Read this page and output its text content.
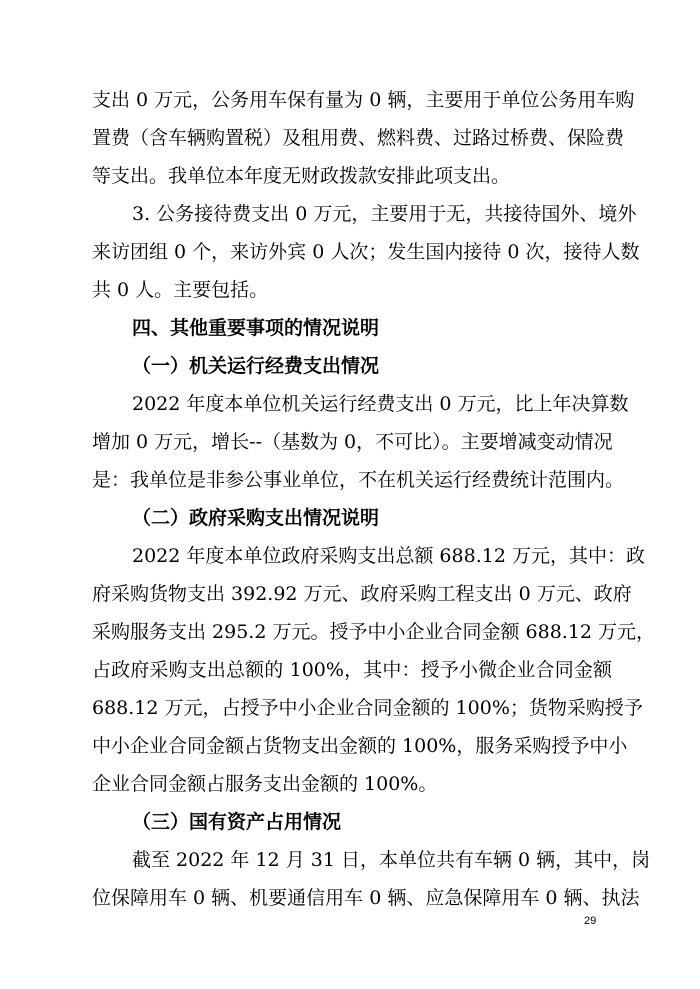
支出 0 万元，公务用车保有量为 0 辆，主要用于单位公务用车购
置费（含车辆购置税）及租用费、燃料费、过路过桥费、保险费
等支出。我单位本年度无财政拨款安排此项支出。
3. 公务接待费支出 0 万元，主要用于无，共接待国外、境外
来访团组 0 个，来访外宾 0 人次；发生国内接待 0 次，接待人数
共 0 人。主要包括。
四、其他重要事项的情况说明
（一）机关运行经费支出情况
2022 年度本单位机关运行经费支出 0 万元，比上年决算数
增加 0 万元，增长--（基数为 0，不可比）。主要增减变动情况
是：我单位是非参公事业单位，不在机关运行经费统计范围内。
（二）政府采购支出情况说明
2022 年度本单位政府采购支出总额 688.12 万元，其中：政
府采购货物支出 392.92 万元、政府采购工程支出 0 万元、政府
采购服务支出 295.2 万元。授予中小企业合同金额 688.12 万元，
占政府采购支出总额的 100%，其中：授予小微企业合同金额
688.12 万元，占授予中小企业合同金额的 100%；货物采购授予
中小企业合同金额占货物支出金额的 100%，服务采购授予中小
企业合同金额占服务支出金额的 100%。
（三）国有资产占用情况
截至 2022 年 12 月 31 日，本单位共有车辆 0 辆，其中，岗
位保障用车 0 辆、机要通信用车 0 辆、应急保障用车 0 辆、执法
29
